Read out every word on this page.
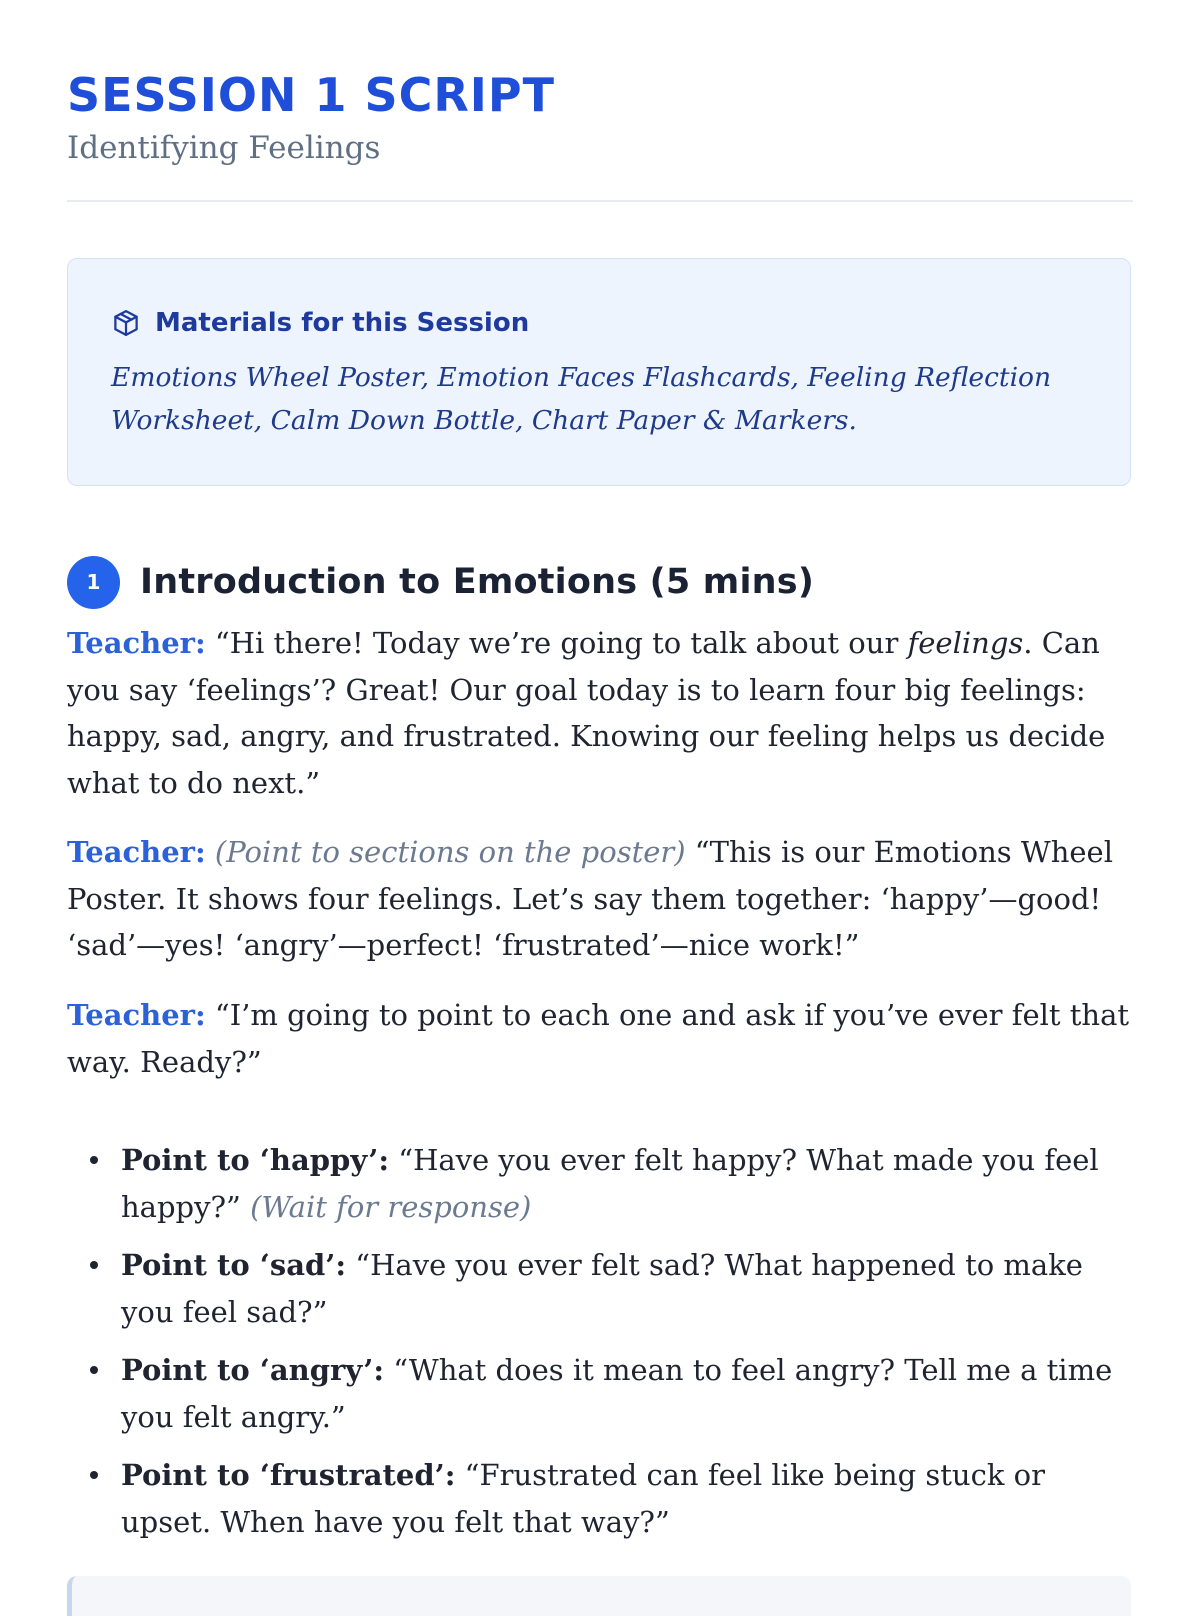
SESSION 1 SCRIPT
Identifying Feelings
Materials for this Session
Emotions Wheel Poster, Emotion Faces Flashcards, Feeling Reflection Worksheet, Calm Down Bottle, Chart Paper & Markers.
1	Introduction to Emotions (5 mins)

Teacher: “Hi there! Today we’re going to talk about our feelings. Can you say ‘feelings’? Great! Our goal today is to learn four big feelings: happy, sad, angry, and frustrated. Knowing our feeling helps us decide what to do next.”

Teacher: (Point to sections on the poster) “This is our Emotions Wheel Poster. It shows four feelings. Let’s say them together: ‘happy’—good! ‘sad’—yes! ‘angry’—perfect! ‘frustrated’—nice work!”

Teacher: “I’m going to point to each one and ask if you’ve ever felt that way. Ready?”

Point to ‘happy’: “Have you ever felt happy? What made you feel happy?” (Wait for response)
Point to ‘sad’: “Have you ever felt sad? What happened to make you feel sad?”
Point to ‘angry’: “What does it mean to feel angry? Tell me a time you felt angry.”
Point to ‘frustrated’: “Frustrated can feel like being stuck or upset. When have you felt that way?”
